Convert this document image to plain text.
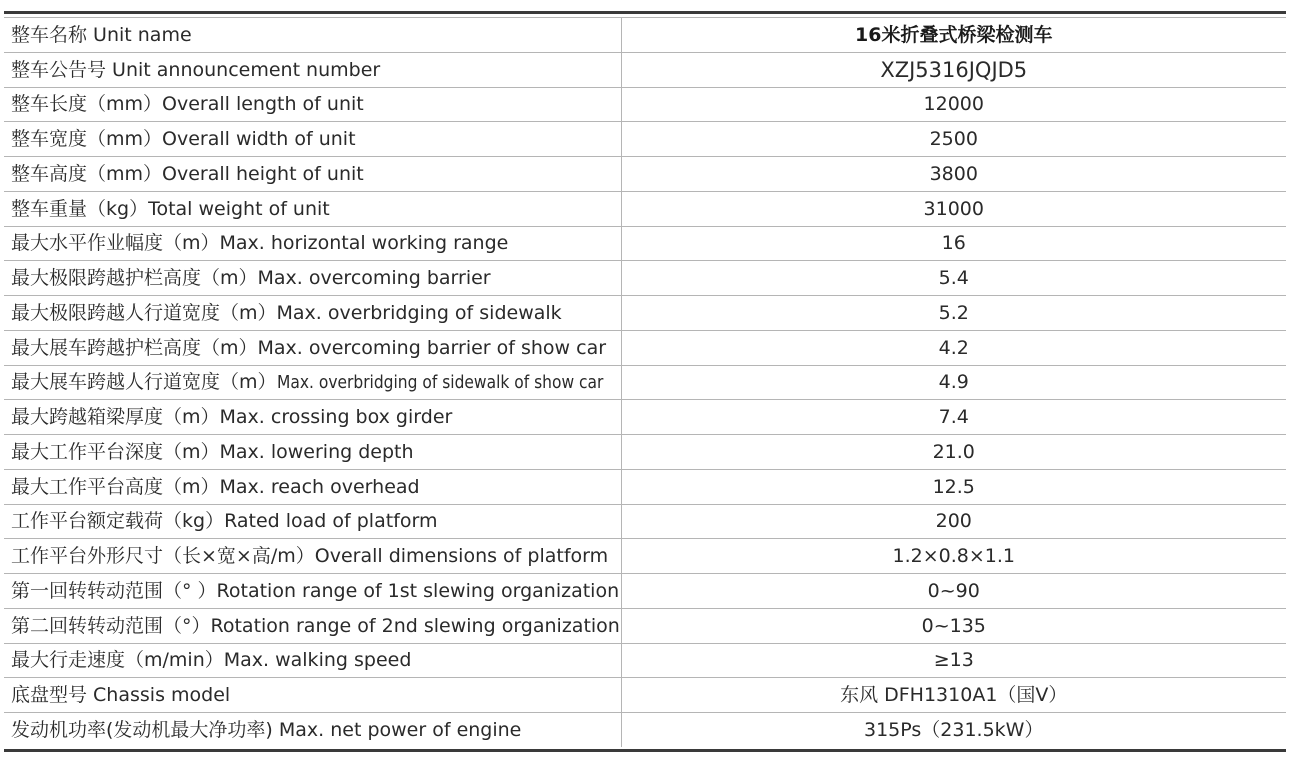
整车名称 Unit name	16米折叠式桥梁检测车
整车公告号 Unit announcement number	XZJ5316JQJD5
整车长度（mm）Overall length of unit	12000
整车宽度（mm）Overall width of unit	2500
整车高度（mm）Overall height of unit	3800
整车重量（kg）Total weight of unit	31000
最大水平作业幅度（m）Max. horizontal working range	16
最大极限跨越护栏高度（m）Max. overcoming barrier	5.4
最大极限跨越人行道宽度（m）Max. overbridging of sidewalk	5.2
最大展车跨越护栏高度（m）Max. overcoming barrier of show car	4.2
最大展车跨越人行道宽度（m）Max. overbridging of sidewalk of show car	4.9
最大跨越箱梁厚度（m）Max. crossing box girder	7.4
最大工作平台深度（m）Max. lowering depth	21.0
最大工作平台高度（m）Max. reach overhead	12.5
工作平台额定载荷（kg）Rated load of platform	200
工作平台外形尺寸（长×宽×高/m）Overall dimensions of platform	1.2×0.8×1.1
第一回转转动范围（° ）Rotation range of 1st slewing organization	0~90
第二回转转动范围（°）Rotation range of 2nd slewing organization	0~135
最大行走速度（m/min）Max. walking speed	≥13
底盘型号 Chassis model	东风 DFH1310A1（国V）
发动机功率(发动机最大净功率) Max. net power of engine	315Ps（231.5kW）
